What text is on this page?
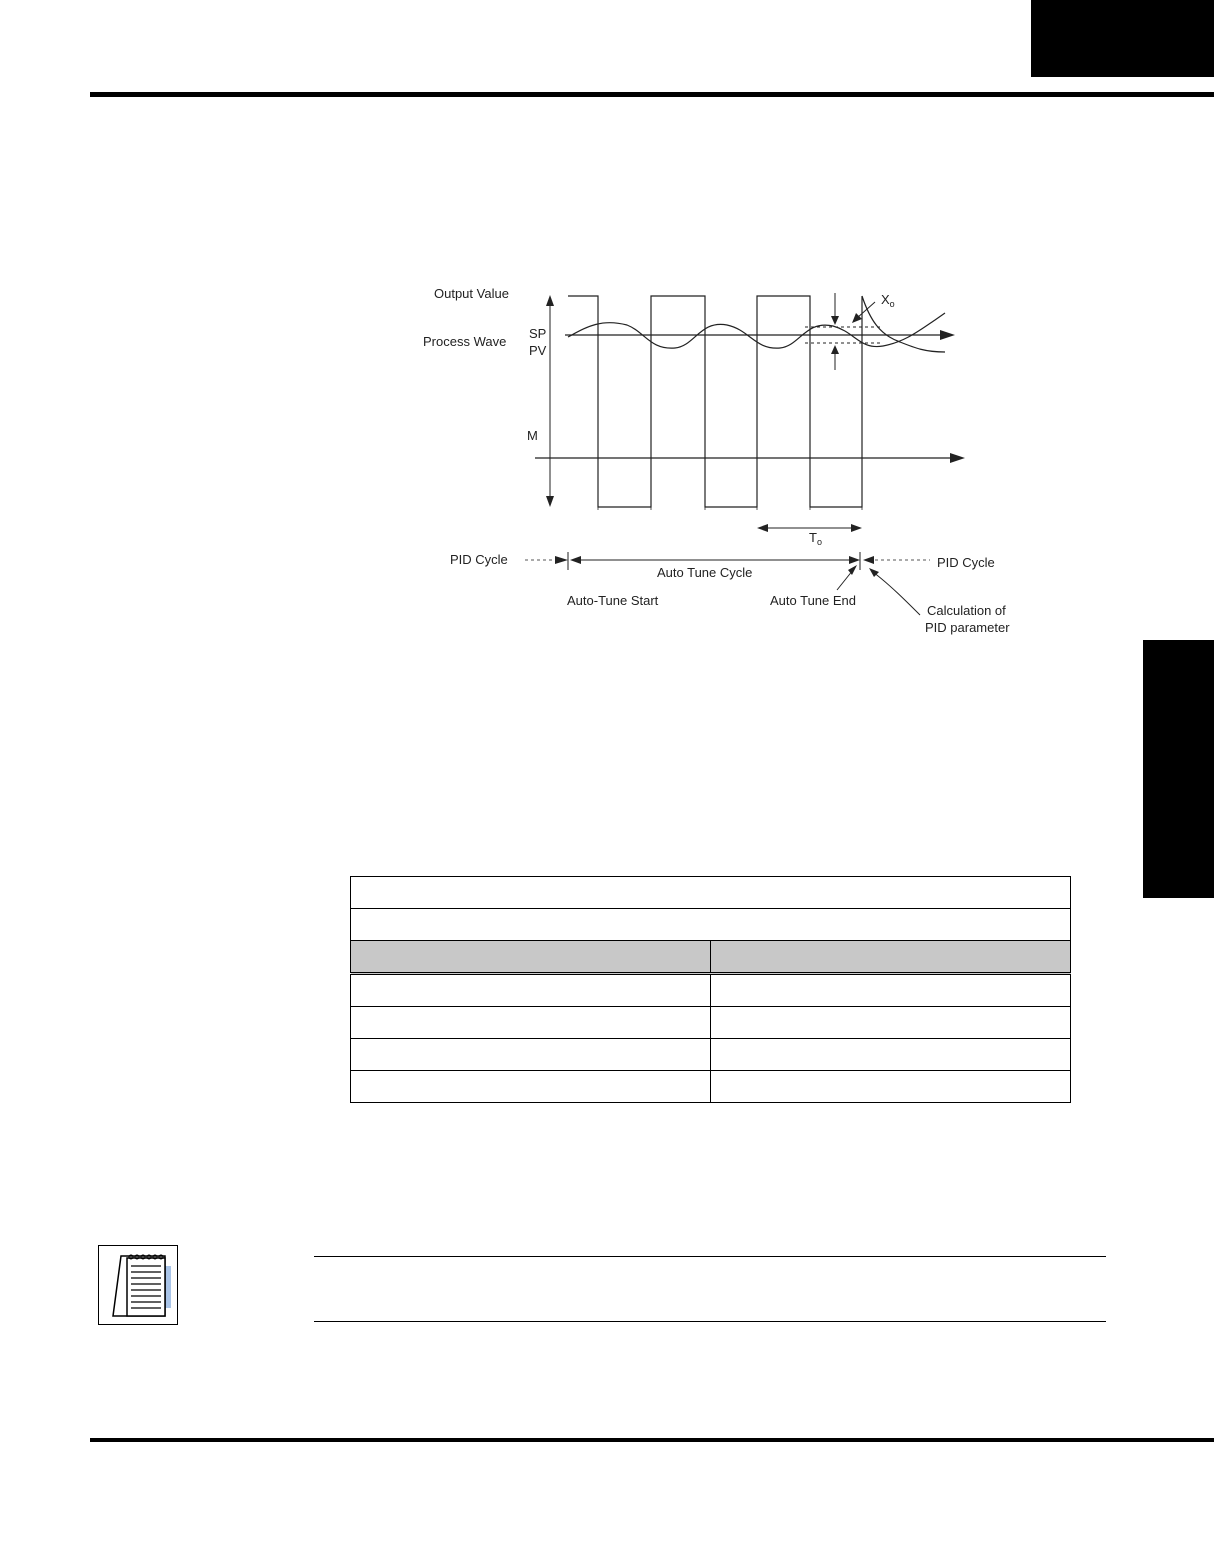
$X_o$
$T_o$
Process Wave
SP
PV
Output Value
M
PID Cycle
Auto Tune Cycle
PID Cycle
Auto-Tune Start	Auto Tune End
Calculation of
PID parameter
